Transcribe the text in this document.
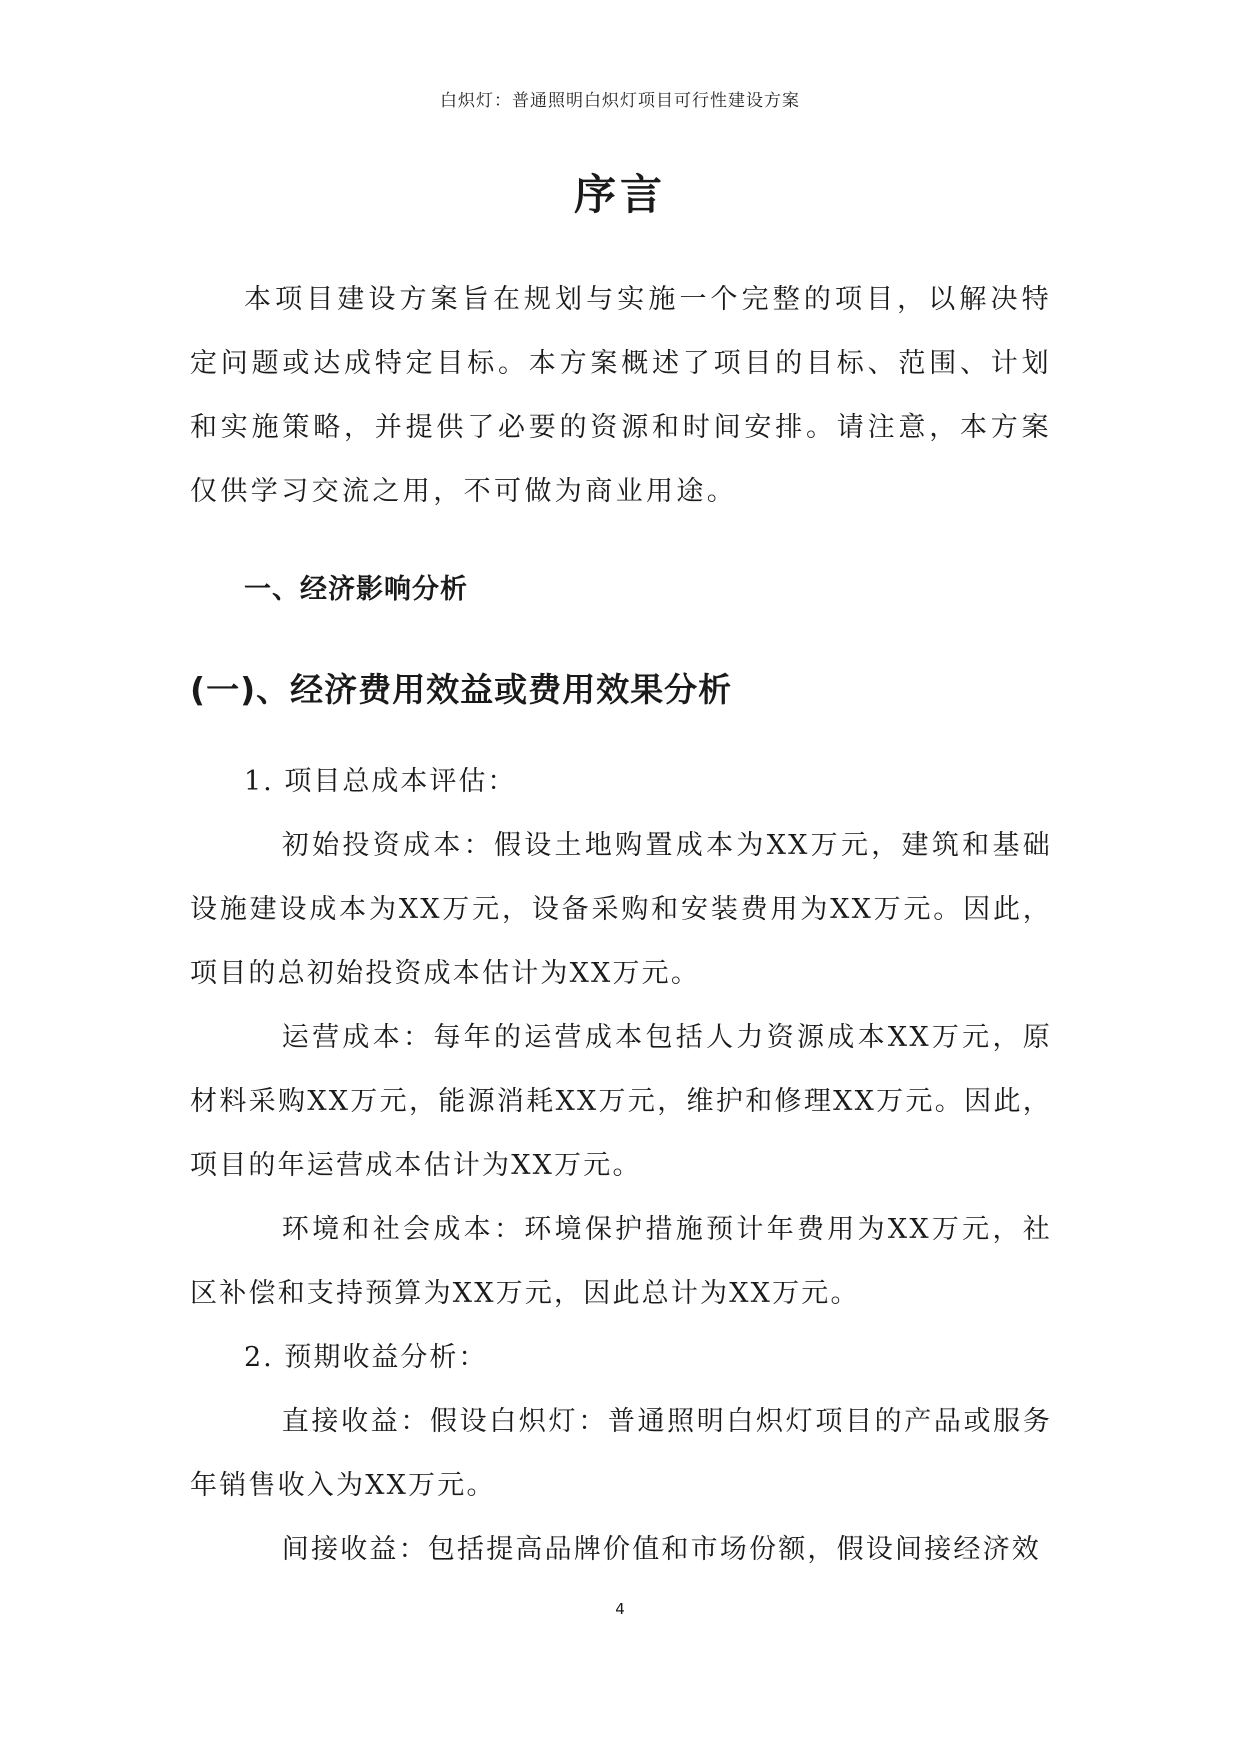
白炽灯：普通照明白炽灯项目可行性建设方案
序言

本项目建设方案旨在规划与实施一个完整的项目，以解决特定问题或达成特定目标。本方案概述了项目的目标、范围、计划和实施策略，并提供了必要的资源和时间安排。请注意，本方案仅供学习交流之用，不可做为商业用途。

一、经济影响分析
(一)、经济费用效益或费用效果分析
1. 项目总成本评估：

初始投资成本：假设土地购置成本为XX万元，建筑和基础设施建设成本为XX万元，设备采购和安装费用为XX万元。因此，项目的总初始投资成本估计为XX万元。

运营成本：每年的运营成本包括人力资源成本XX万元，原材料采购XX万元，能源消耗XX万元，维护和修理XX万元。因此，项目的年运营成本估计为XX万元。

环境和社会成本：环境保护措施预计年费用为XX万元，社区补偿和支持预算为XX万元，因此总计为XX万元。

2. 预期收益分析：

直接收益：假设白炽灯：普通照明白炽灯项目的产品或服务年销售收入为XX万元。

间接收益：包括提高品牌价值和市场份额，假设间接经济效

4
